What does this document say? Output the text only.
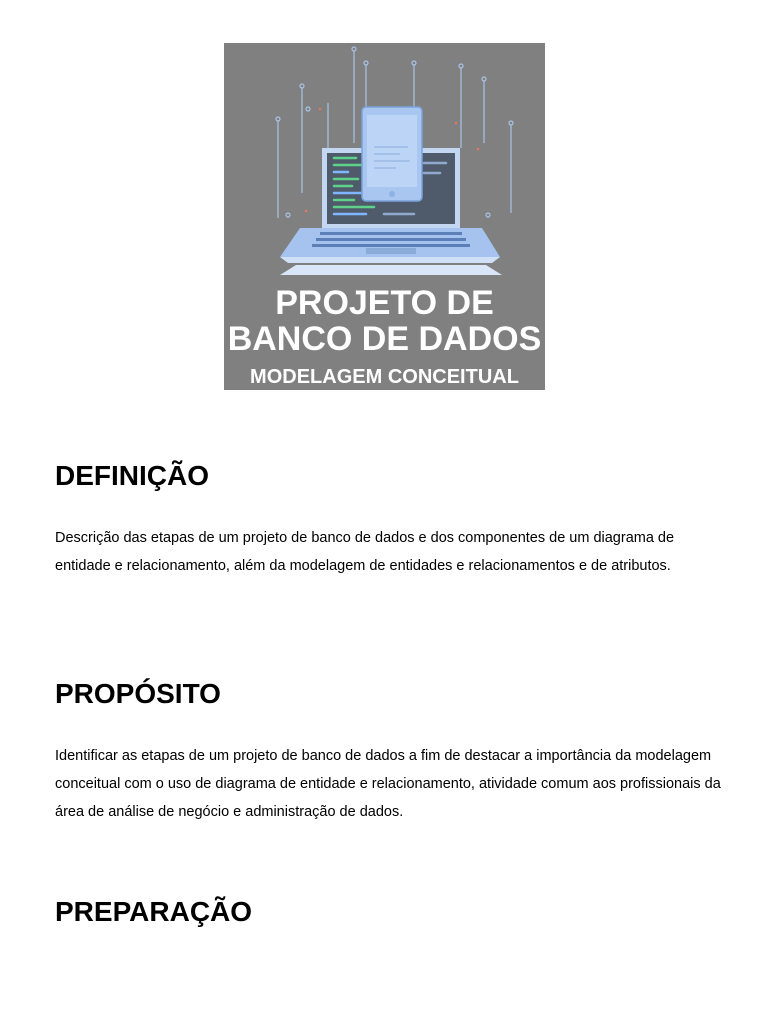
PROJETO DE
BANCO DE DADOS
MODELAGEM CONCEITUAL
DEFINIÇÃO

Descrição das etapas de um projeto de banco de dados e dos componentes de um diagrama de entidade e relacionamento, além da modelagem de entidades e relacionamentos e de atributos.

PROPÓSITO

Identificar as etapas de um projeto de banco de dados a fim de destacar a importância da modelagem conceitual com o uso de diagrama de entidade e relacionamento, atividade comum aos profissionais da área de análise de negócio e administração de dados.

PREPARAÇÃO
